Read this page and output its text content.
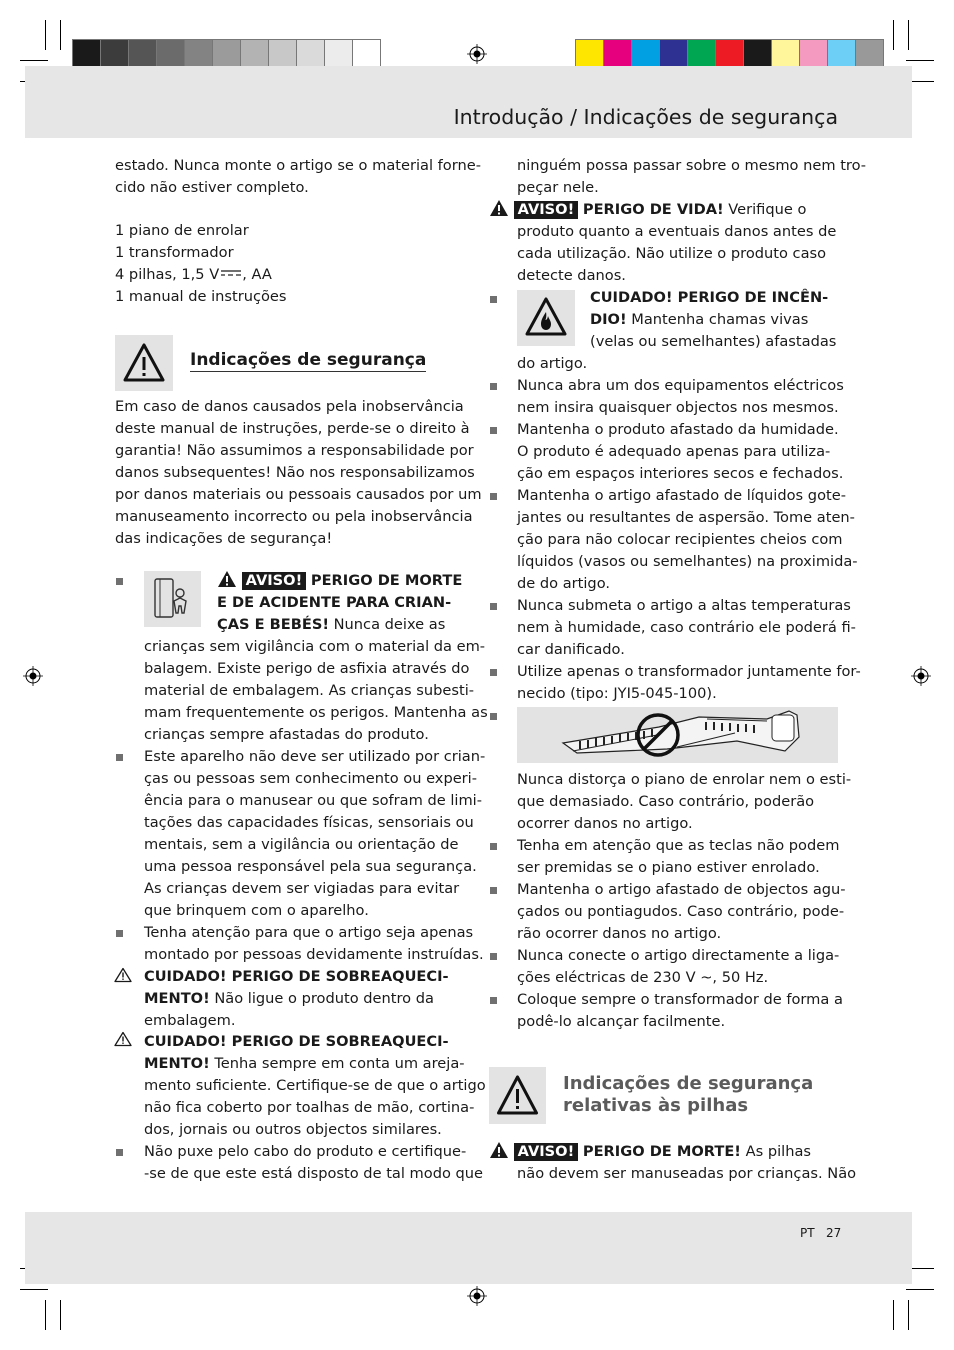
Introdução / Indicações de segurança
PT 27
estado. Nunca monte o artigo se o material forne-
cido não estiver completo.
1 piano de enrolar
1 transformador
4 pilhas, 1,5 V , AA
1 manual de instruções
Indicações de segurança
Em caso de danos causados pela inobservância
deste manual de instruções, perde-se o direito à
garantia! Não assumimos a responsabilidade por
danos subsequentes! Não nos responsabilizamos
por danos materiais ou pessoais causados por um
manuseamento incorrecto ou pela inobservância
das indicações de segurança!
AVISO! PERIGO DE MORTE
E DE ACIDENTE PARA CRIAN-
ÇAS E BEBÉS! Nunca deixe as
crianças sem vigilância com o material da em-
balagem. Existe perigo de asfixia através do
material de embalagem. As crianças subesti-
mam frequentemente os perigos. Mantenha as
crianças sempre afastadas do produto.
Este aparelho não deve ser utilizado por crian-
ças ou pessoas sem conhecimento ou experi-
ência para o manusear ou que sofram de limi-
tações das capacidades físicas, sensoriais ou
mentais, sem a vigilância ou orientação de
uma pessoa responsável pela sua segurança.
As crianças devem ser vigiadas para evitar
que brinquem com o aparelho.
Tenha atenção para que o artigo seja apenas
montado por pessoas devidamente instruídas.
CUIDADO! PERIGO DE SOBREAQUECI-
MENTO! Não ligue o produto dentro da
embalagem.
CUIDADO! PERIGO DE SOBREAQUECI-
MENTO! Tenha sempre em conta um areja-
mento suficiente. Certifique-se de que o artigo
não fica coberto por toalhas de mão, cortina-
dos, jornais ou outros objectos similares.
Não puxe pelo cabo do produto e certifique-
-se de que este está disposto de tal modo que
ninguém possa passar sobre o mesmo nem tro-
peçar nele.
AVISO! PERIGO DE VIDA! Verifique o
produto quanto a eventuais danos antes de
cada utilização. Não utilize o produto caso
detecte danos.
CUIDADO! PERIGO DE INCÊN-
DIO! Mantenha chamas vivas
(velas ou semelhantes) afastadas
do artigo.
Nunca abra um dos equipamentos eléctricos
nem insira quaisquer objectos nos mesmos.
Mantenha o produto afastado da humidade.
O produto é adequado apenas para utiliza-
ção em espaços interiores secos e fechados.
Mantenha o artigo afastado de líquidos gote-
jantes ou resultantes de aspersão. Tome aten-
ção para não colocar recipientes cheios com
líquidos (vasos ou semelhantes) na proximida-
de do artigo.
Nunca submeta o artigo a altas temperaturas
nem à humidade, caso contrário ele poderá fi-
car danificado.
Utilize apenas o transformador juntamente for-
necido (tipo: JYI5-045-100).
Nunca distorça o piano de enrolar nem o esti-
que demasiado. Caso contrário, poderão
ocorrer danos no artigo.
Tenha em atenção que as teclas não podem
ser premidas se o piano estiver enrolado.
Mantenha o artigo afastado de objectos agu-
çados ou pontiagudos. Caso contrário, pode-
rão ocorrer danos no artigo.
Nunca conecte o artigo directamente a liga-
ções eléctricas de 230 V ~, 50 Hz.
Coloque sempre o transformador de forma a
podê-lo alcançar facilmente.
Indicações de segurança
relativas às pilhas
AVISO! PERIGO DE MORTE! As pilhas
não devem ser manuseadas por crianças. Não
